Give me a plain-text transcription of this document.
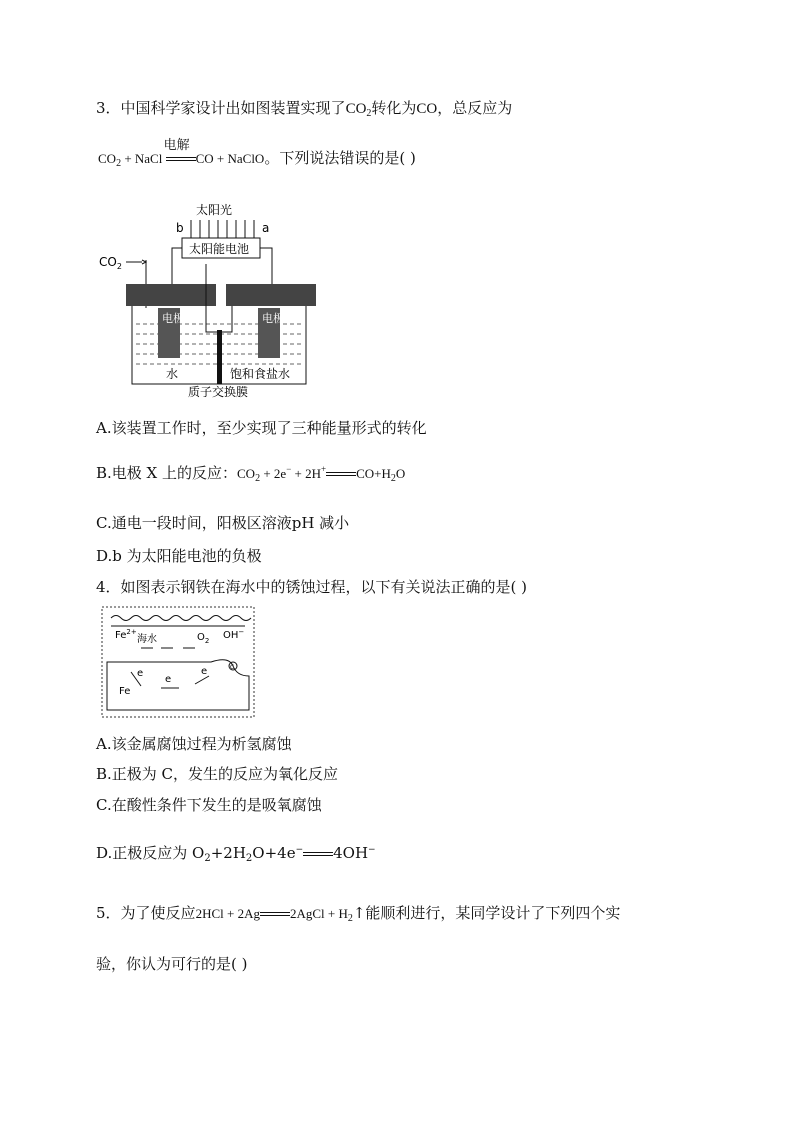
3．中国科学家设计出如图装置实现了$CO_2$转化为CO，总反应为
$CO_2$ + NaCl
电解
CO + NaClO。下列说法错误的是( )
太阳光
b	a
太阳能电池
$CO_2$
电极X	电极Y
水	饱和食盐水
质子交换膜
A.该装置工作时，至少实现了三种能量形式的转化
B.电极 X 上的反应：$CO_2 + 2e^- + 2H^+$ $CO+H_2O$
C.通电一段时间，阳极区溶液pH 减小
D.b 为太阳能电池的负极
4．如图表示钢铁在海水中的锈蚀过程，以下有关说法正确的是( )
$Fe^{2+}$
海水	$O_2$ OH−
C
e
e
e
Fe
A.该金属腐蚀过程为析氢腐蚀
B.正极为 C，发生的反应为氧化反应
C.在酸性条件下发生的是吸氧腐蚀
D.正极反应为 $O_2+2H_2O+4e^-$ 4OH−
5．为了使反应2HCl + 2Ag 2AgCl + $H_2↑$能顺利进行，某同学设计了下列四个实
验，你认为可行的是( )
